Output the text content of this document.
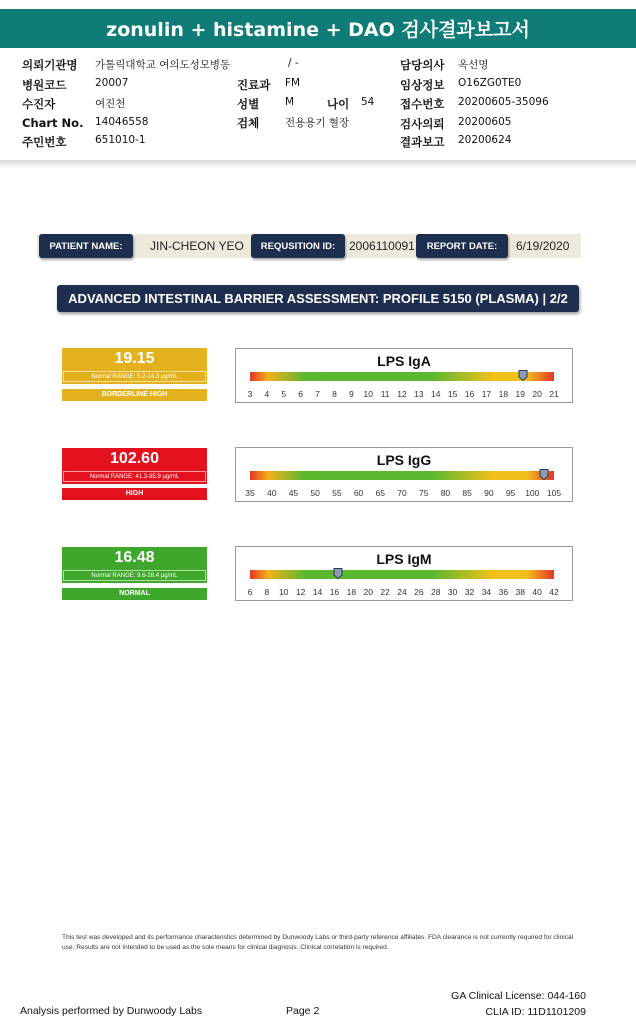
zonulin + histamine + DAO 검사결과보고서
의뢰기관명 가톨릭대학교 여의도성모병동	/ -
병원코드	20007
수진자	여진천
Chart No. 14046558
주민번호	651010-1
진료과 FM
성별 M	나이 54
검체 전용용기 혈장
담당의사 옥선명
임상정보 O16ZG0TE0
접수번호 20200605-35096
검사의뢰 20200605
결과보고 20200624
PATIENT NAME:	JIN-CHEON YEO	REQUSITION ID:	2006110091	REPORT DATE:	6/19/2020
ADVANCED INTESTINAL BARRIER ASSESSMENT: PROFILE 5150 (PLASMA) | 2/2
19.15
Normal RANGE: 5.2-14.3 μg/mL
BORDERLINE HIGH
LPS IgA
3 4 5 6 7 8 9 10 11 12 13 14 15 16 17 18 19 20 21
102.60
Normal RANGE: 41.3-85.9 μg/mL
HIGH
LPS IgG
35 40 45 50 55 60 65 70 75 80 85 90 95 100 105
16.48
Normal RANGE: 9.6-28.4 μg/mL
NORMAL
LPS IgM
6 8 10 12 14 16 18 20 22 24 26 28 30 32 34 36 38 40 42
This test was developed and its performance characteristics determined by Dunwoody Labs or third-party reference affiliates. FDA clearance is not currently required for clinical use. Results are not intended to be used as the sole means for clinical diagnosis. Clinical correlation is required.
Analysis performed by Dunwoody Labs	Page 2
GA Clinical License: 044-160
CLIA ID: 11D1101209
